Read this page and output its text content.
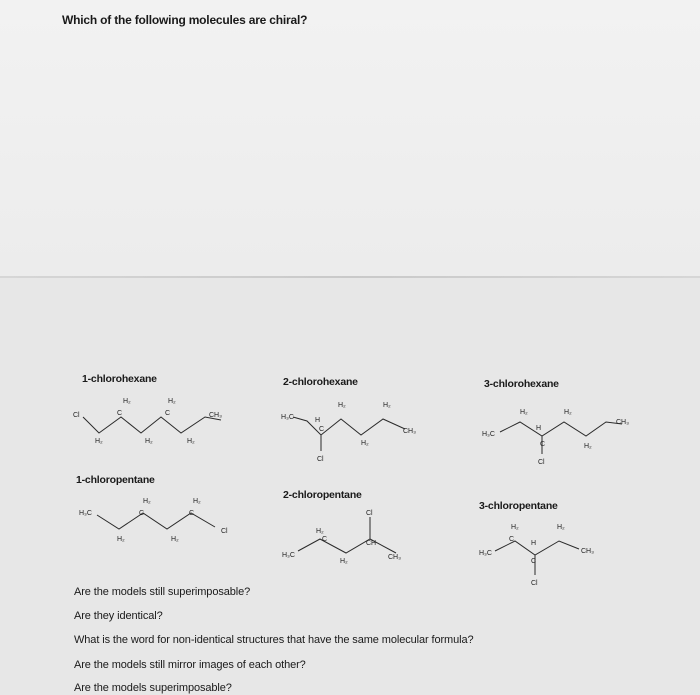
Which of the following molecules are chiral?
1-chlorohexane	2-chlorohexane	3-chlorohexane
1-chloropentane
2-chloropentane
3-chloropentane
Cl
H₂	H₂
H₂	H₂	H₂
C	C	CH₃	H₃C	H
C
H₂	H₂
H₂
CH₃
Cl
H₃C
H₂	H₂
H₂
H
C
CH₃
Cl
H₃C
H₂	H₂
H₂	H₂
C	C
Cl
Cl
H₂
C
H₂
CH
H₃C	CH₃
H₃C
H₂
C
H₂
H
C
CH₃
Cl
Are the models still superimposable?
Are they identical?
What is the word for non-identical structures that have the same molecular formula?
Are the models still mirror images of each other?
Are the models superimposable?
